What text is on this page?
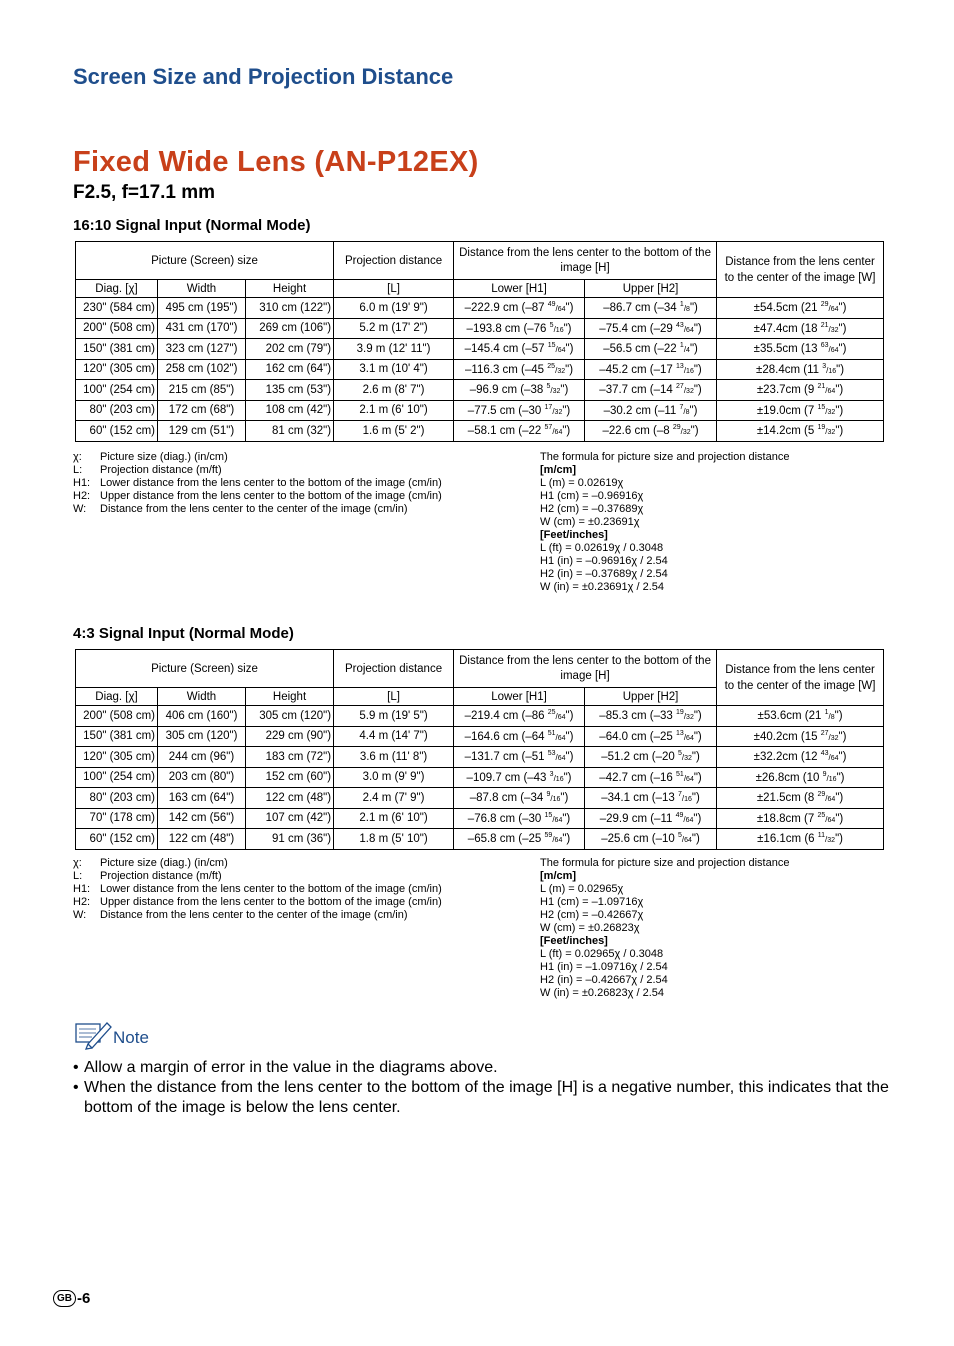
Screen Size and Projection Distance
Fixed Wide Lens (AN-P12EX)
F2.5, f=17.1 mm
16:10 Signal Input (Normal Mode)
Picture (Screen) size			Projection distance	Distance from the lens center to the bottom of the image [H]		Distance from the lens center to the center of the image [W]
Diag. [χ]	Width	Height	[L]	Lower [H1]	Upper [H2]	
230" (584 cm)	495 cm (195")	310 cm (122")	6.0 m (19' 9")	–222.9 cm (–87 $^{49}$/64")	–86.7 cm (–34 $^1$/8")	±54.5cm (21 $^{29}$/64")
200" (508 cm)	431 cm (170")	269 cm (106")	5.2 m (17' 2")	–193.8 cm (–76 $^5$/16")	–75.4 cm (–29 $^{43}$/64")	±47.4cm (18 $^{21}$/32")
150" (381 cm)	323 cm (127")	202 cm (79")	3.9 m (12' 11")	–145.4 cm (–57 $^{15}$/64")	–56.5 cm (–22 $^1$/4")	±35.5cm (13 $^{63}$/64")
120" (305 cm)	258 cm (102")	162 cm (64")	3.1 m (10' 4")	–116.3 cm (–45 $^{25}$/32")	–45.2 cm (–17 $^{13}$/16")	±28.4cm (11 $^3$/16")
100" (254 cm)	215 cm (85")	135 cm (53")	2.6 m (8' 7")	–96.9 cm (–38 $^5$/32")	–37.7 cm (–14 $^{27}$/32")	±23.7cm (9 $^{21}$/64")
80" (203 cm)	172 cm (68")	108 cm (42")	2.1 m (6' 10")	–77.5 cm (–30 $^{17}$/32")	–30.2 cm (–11 $^7$/8")	±19.0cm (7 $^{15}$/32")
60" (152 cm)	129 cm (51")	81 cm (32")	1.6 m (5' 2")	–58.1 cm (–22 $^{57}$/64")	–22.6 cm (–8 $^{29}$/32")	±14.2cm (5 $^{19}$/32")
χ:	Picture size (diag.) (in/cm)
L:	Projection distance (m/ft)
H1: Lower distance from the lens center to the bottom of the image (cm/in)
H2: Upper distance from the lens center to the bottom of the image (cm/in)
W:	Distance from the lens center to the center of the image (cm/in)
The formula for picture size and projection distance
[m/cm]
L (m) = 0.02619χ
H1 (cm) = –0.96916χ
H2 (cm) = –0.37689χ
W (cm) = ±0.23691χ
[Feet/inches]
L (ft) = 0.02619χ / 0.3048
H1 (in) = –0.96916χ / 2.54
H2 (in) = –0.37689χ / 2.54
W (in) = ±0.23691χ / 2.54
4:3 Signal Input (Normal Mode)
Picture (Screen) size			Projection distance	Distance from the lens center to the bottom of the image [H]		Distance from the lens center to the center of the image [W]
Diag. [χ]	Width	Height	[L]	Lower [H1]	Upper [H2]	
200" (508 cm)	406 cm (160")	305 cm (120")	5.9 m (19' 5")	–219.4 cm (–86 $^{25}$/64")	–85.3 cm (–33 $^{19}$/32")	±53.6cm (21 $^1$/8")
150" (381 cm)	305 cm (120")	229 cm (90")	4.4 m (14' 7")	–164.6 cm (–64 $^{51}$/64")	–64.0 cm (–25 $^{13}$/64")	±40.2cm (15 $^{27}$/32")
120" (305 cm)	244 cm (96")	183 cm (72")	3.6 m (11' 8")	–131.7 cm (–51 $^{53}$/64")	–51.2 cm (–20 $^5$/32")	±32.2cm (12 $^{43}$/64")
100" (254 cm)	203 cm (80")	152 cm (60")	3.0 m (9' 9")	–109.7 cm (–43 $^3$/16")	–42.7 cm (–16 $^{51}$/64")	±26.8cm (10 $^9$/16")
80" (203 cm)	163 cm (64")	122 cm (48")	2.4 m (7' 9")	–87.8 cm (–34 $^9$/16")	–34.1 cm (–13 $^7$/16")	±21.5cm (8 $^{29}$/64")
70" (178 cm)	142 cm (56")	107 cm (42")	2.1 m (6' 10")	–76.8 cm (–30 $^{15}$/64")	–29.9 cm (–11 $^{49}$/64")	±18.8cm (7 $^{25}$/64")
60" (152 cm)	122 cm (48")	91 cm (36")	1.8 m (5' 10")	–65.8 cm (–25 $^{59}$/64")	–25.6 cm (–10 $^5$/64")	±16.1cm (6 $^{11}$/32")
χ:	Picture size (diag.) (in/cm)
L:	Projection distance (m/ft)
H1: Lower distance from the lens center to the bottom of the image (cm/in)
H2: Upper distance from the lens center to the bottom of the image (cm/in)
W:	Distance from the lens center to the center of the image (cm/in)
The formula for picture size and projection distance
[m/cm]
L (m) = 0.02965χ
H1 (cm) = –1.09716χ
H2 (cm) = –0.42667χ
W (cm) = ±0.26823χ
[Feet/inches]
L (ft) = 0.02965χ / 0.3048
H1 (in) = –1.09716χ / 2.54
H2 (in) = –0.42667χ / 2.54
W (in) = ±0.26823χ / 2.54
Note
• Allow a margin of error in the value in the diagrams above.
• When the distance from the lens center to the bottom of the image [H] is a negative number, this indicates that the bottom of the image is below the lens center.
GB -6
